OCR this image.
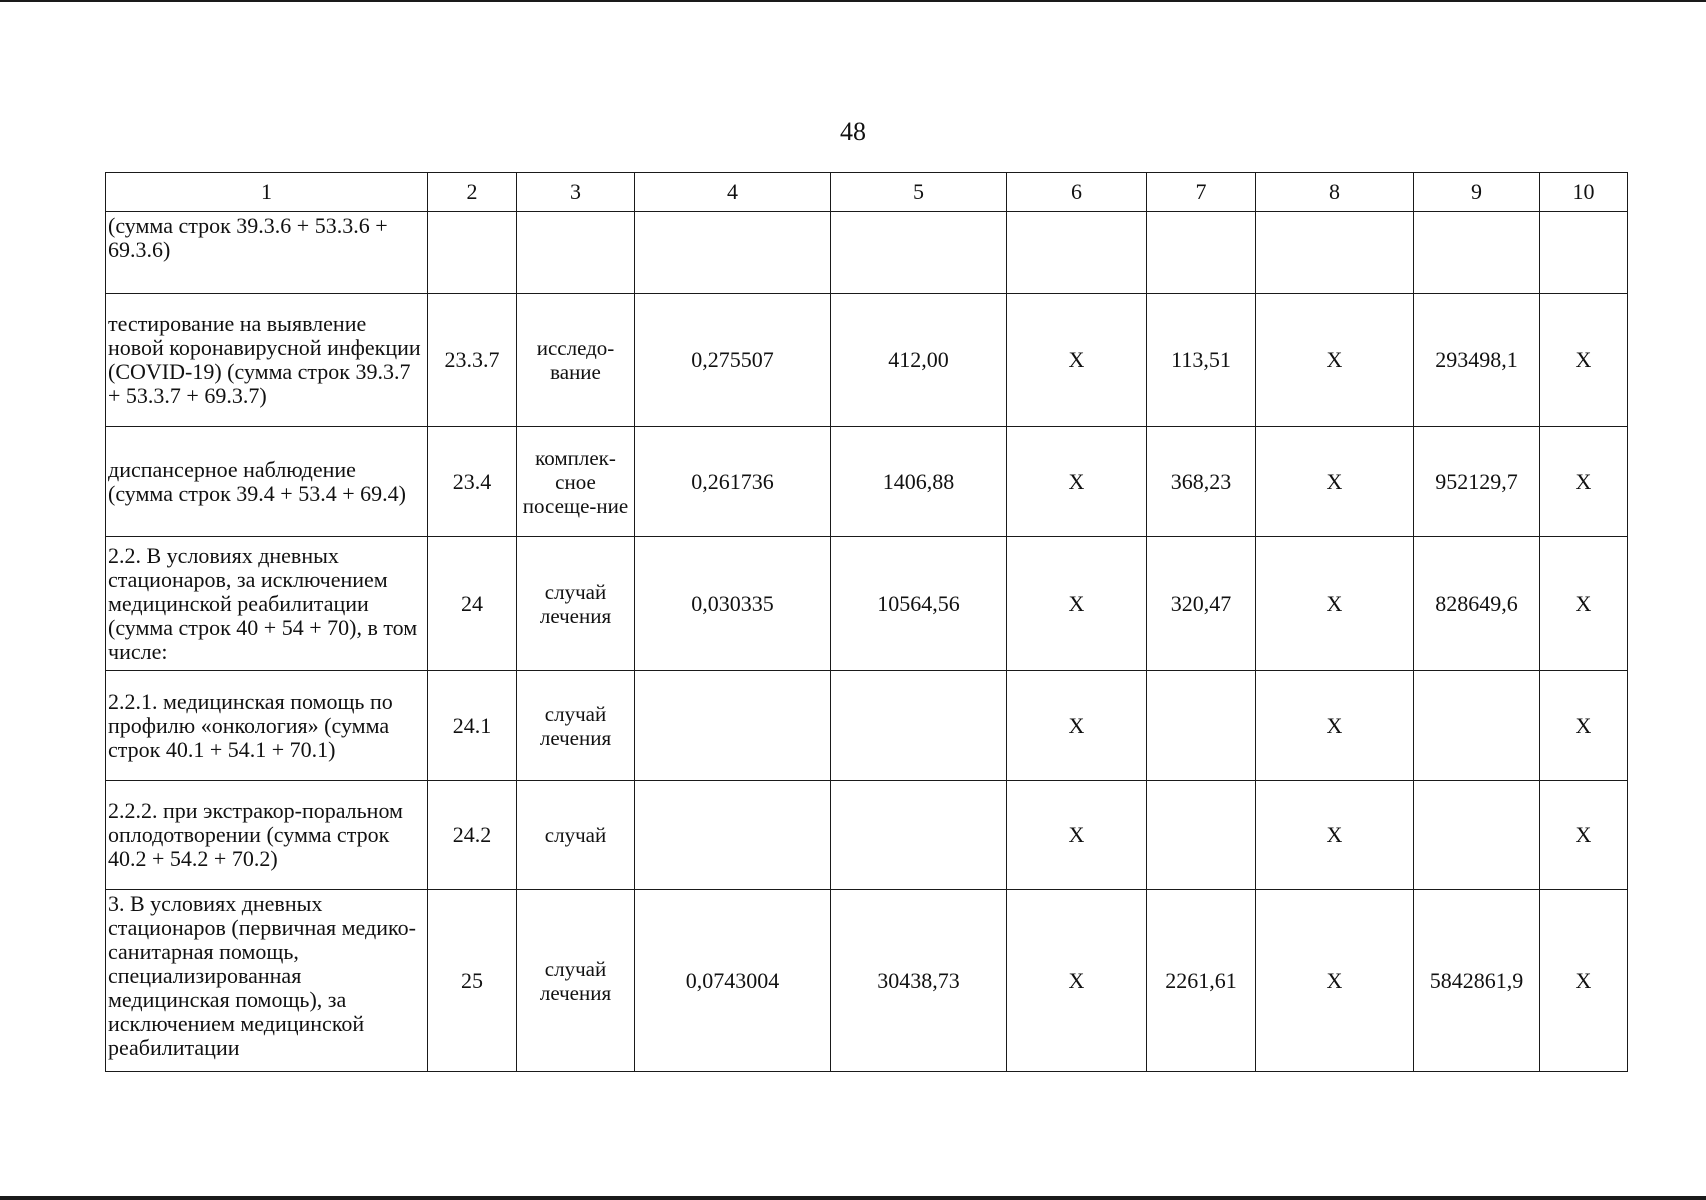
48
1	2	3	4	5	6	7	8	9	10
(сумма строк 39.3.6 + 53.3.6 + 69.3.6)									
тестирование на выявление новой коронавирусной инфекции (COVID-19) (сумма строк 39.3.7 + 53.3.7 + 69.3.7)	23.3.7	исследо-вание	0,275507	412,00	Х	113,51	Х	293498,1	Х
диспансерное наблюдение (сумма строк 39.4 + 53.4 + 69.4)	23.4	комплек-сное посеще-ние	0,261736	1406,88	Х	368,23	Х	952129,7	Х
2.2. В условиях дневных стационаров, за исключением медицинской реабилитации (сумма строк 40 + 54 + 70), в том числе:	24	случай лечения	0,030335	10564,56	Х	320,47	Х	828649,6	Х
2.2.1. медицинская помощь по профилю «онкология» (сумма строк 40.1 + 54.1 + 70.1)	24.1	случай лечения			Х		Х		Х
2.2.2. при экстракор-поральном оплодотворении (сумма строк 40.2 + 54.2 + 70.2)	24.2	случай			Х		Х		Х
3. В условиях дневных стационаров (первичная медико-санитарная помощь, специализированная медицинская помощь), за исключением медицинской реабилитации	25	случай лечения	0,0743004	30438,73	Х	2261,61	Х	5842861,9	Х
